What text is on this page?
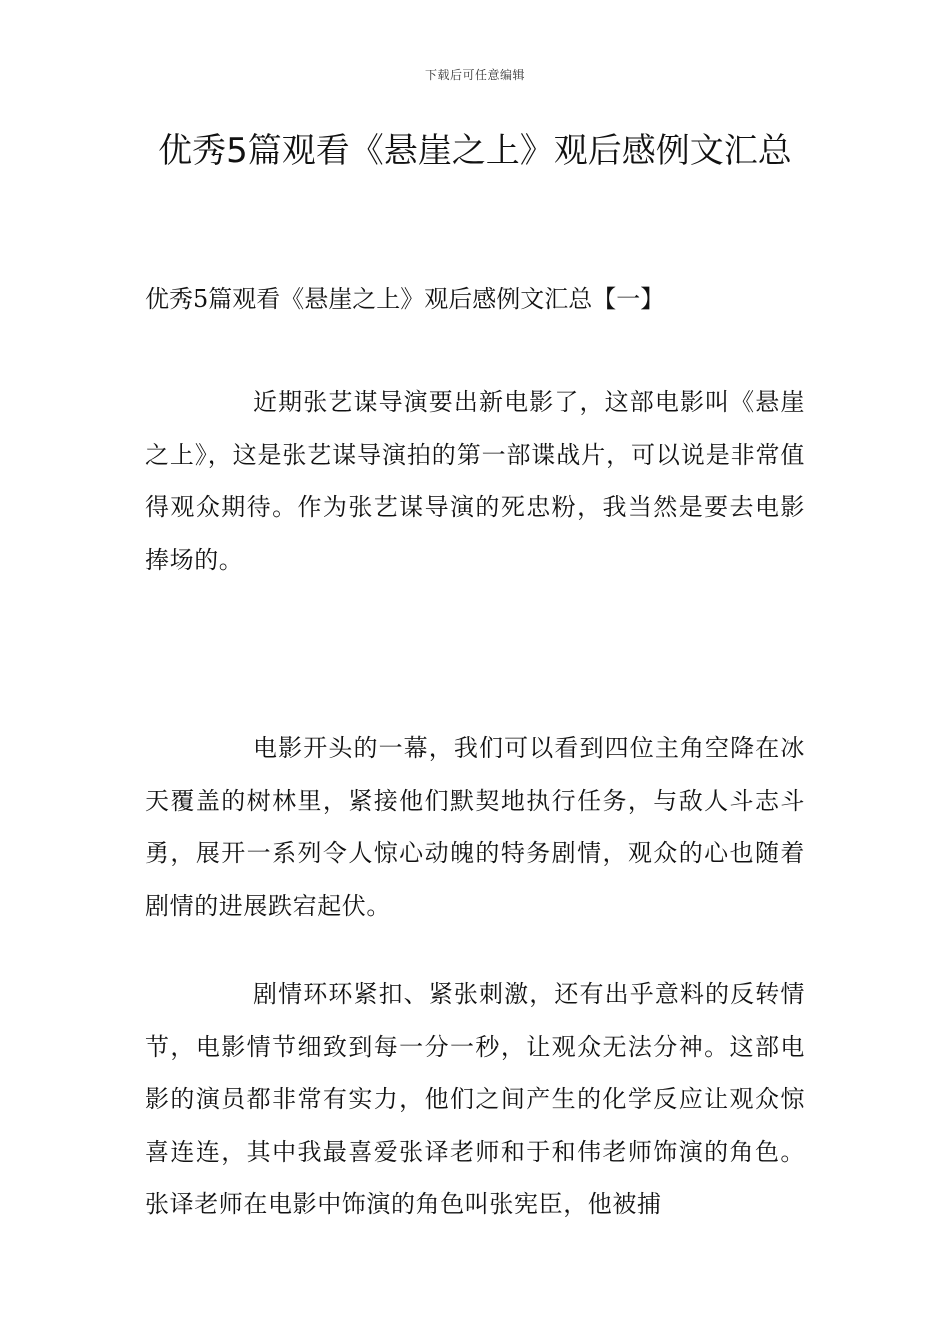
下载后可任意编辑
优秀5篇观看《悬崖之上》观后感例文汇总

优秀5篇观看《悬崖之上》观后感例文汇总【一】

近期张艺谋导演要出新电影了，这部电影叫《悬崖之上》，这是张艺谋导演拍的第一部谍战片，可以说是非常值得观众期待。作为张艺谋导演的死忠粉，我当然是要去电影捧场的。

电影开头的一幕，我们可以看到四位主角空降在冰天覆盖的树林里，紧接他们默契地执行任务，与敌人斗志斗勇，展开一系列令人惊心动魄的特务剧情，观众的心也随着剧情的进展跌宕起伏。

剧情环环紧扣、紧张刺激，还有出乎意料的反转情节，电影情节细致到每一分一秒，让观众无法分神。这部电影的演员都非常有实力，他们之间产生的化学反应让观众惊喜连连，其中我最喜爱张译老师和于和伟老师饰演的角色。张译老师在电影中饰演的角色叫张宪臣，他被捕
